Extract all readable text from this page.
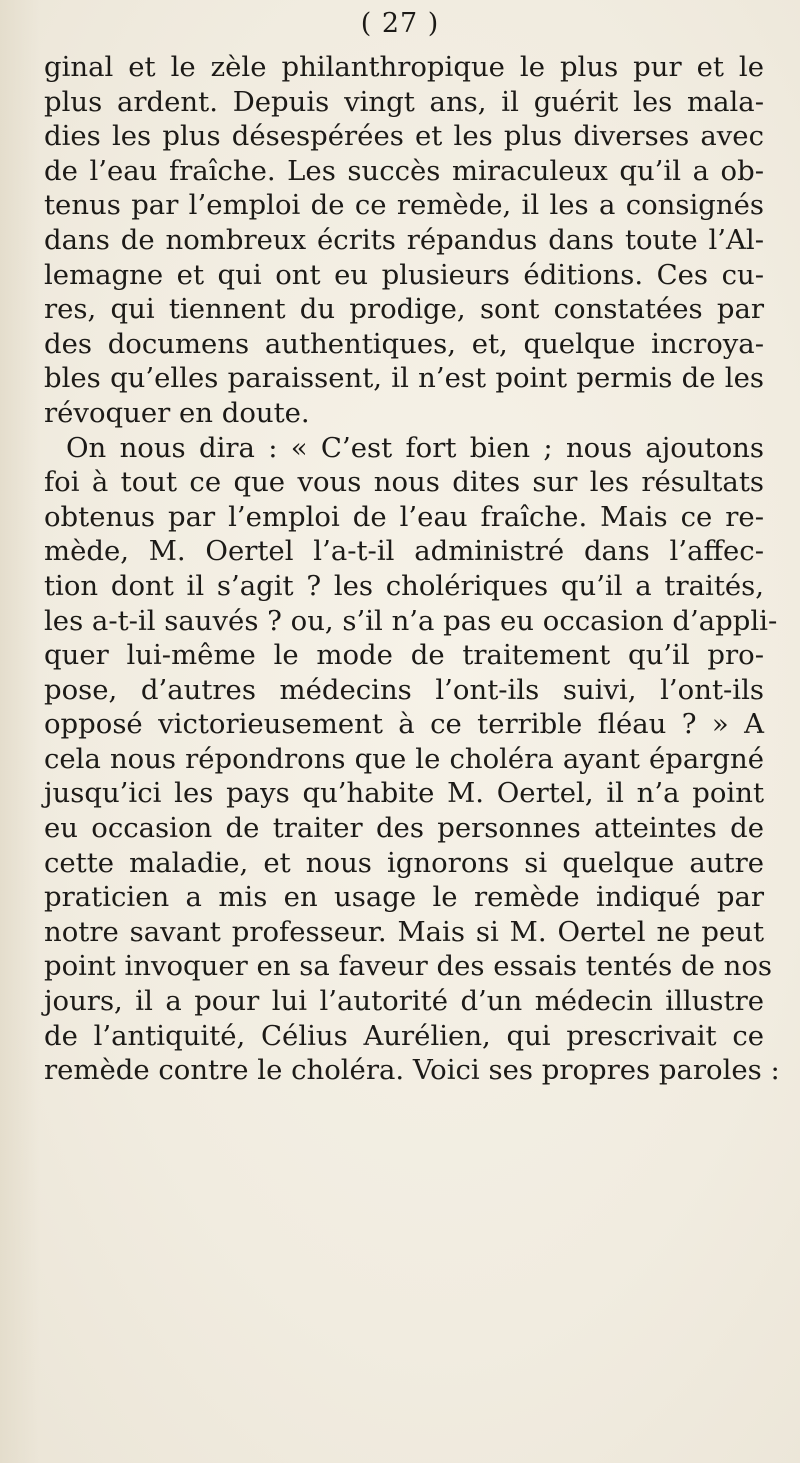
( 27 )
ginal et le zèle philanthropique le plus pur et le
plus ardent. Depuis vingt ans, il guérit les mala-
dies les plus désespérées et les plus diverses avec
de l’eau fraîche. Les succès miraculeux qu’il a ob-
tenus par l’emploi de ce remède, il les a consignés
dans de nombreux écrits répandus dans toute l’Al-
lemagne et qui ont eu plusieurs éditions. Ces cu-
res, qui tiennent du prodige, sont constatées par
des documens authentiques, et, quelque incroya-
bles qu’elles paraissent, il n’est point permis de les
révoquer en doute.
On nous dira : « C’est fort bien ; nous ajoutons
foi à tout ce que vous nous dites sur les résultats
obtenus par l’emploi de l’eau fraîche. Mais ce re-
mède, M. Oertel l’a-t-il administré dans l’affec-
tion dont il s’agit ? les cholériques qu’il a traités,
les a-t-il sauvés ? ou, s’il n’a pas eu occasion d’appli-
quer lui-même le mode de traitement qu’il pro-
pose, d’autres médecins l’ont-ils suivi, l’ont-ils
opposé victorieusement à ce terrible fléau ? » A
cela nous répondrons que le choléra ayant épargné
jusqu’ici les pays qu’habite M. Oertel, il n’a point
eu occasion de traiter des personnes atteintes de
cette maladie, et nous ignorons si quelque autre
praticien a mis en usage le remède indiqué par
notre savant professeur. Mais si M. Oertel ne peut
point invoquer en sa faveur des essais tentés de nos
jours, il a pour lui l’autorité d’un médecin illustre
de l’antiquité, Célius Aurélien, qui prescrivait ce
remède contre le choléra. Voici ses propres paroles :
